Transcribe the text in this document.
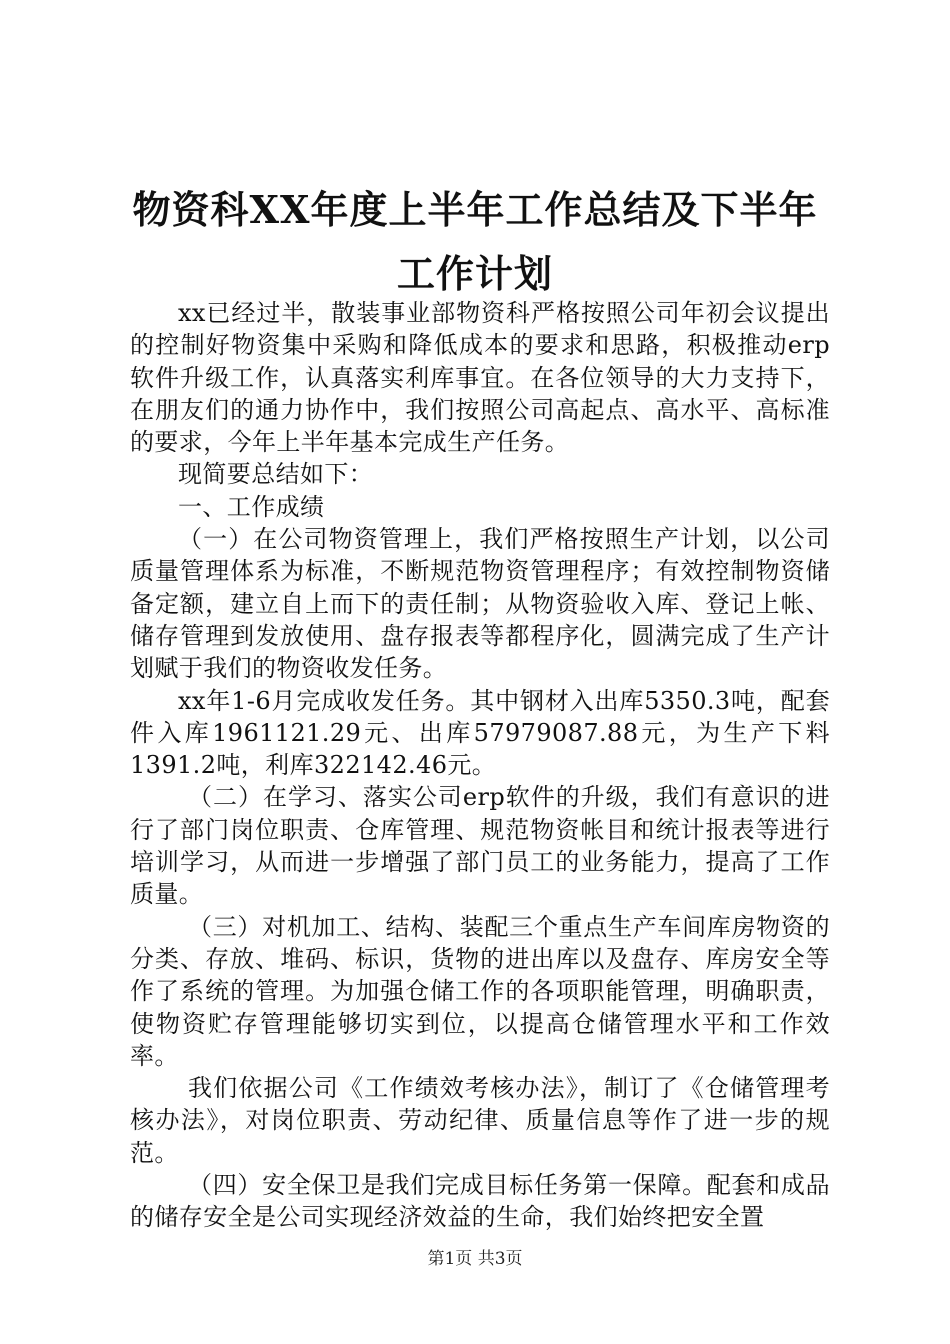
物资科XX年度上半年工作总结及下半年工作计划

xx已经过半，散装事业部物资科严格按照公司年初会议提出的控制好物资集中采购和降低成本的要求和思路，积极推动erp软件升级工作，认真落实利库事宜。在各位领导的大力支持下，在朋友们的通力协作中，我们按照公司高起点、高水平、高标准的要求，今年上半年基本完成生产任务。

现简要总结如下：

一、工作成绩

（一）在公司物资管理上，我们严格按照生产计划，以公司质量管理体系为标准，不断规范物资管理程序；有效控制物资储备定额，建立自上而下的责任制；从物资验收入库、登记上帐、储存管理到发放使用、盘存报表等都程序化，圆满完成了生产计划赋于我们的物资收发任务。

xx年1-6月完成收发任务。其中钢材入出库5350.3吨，配套件入库1961121.29元、出库57979087.88元，为生产下料1391.2吨，利库322142.46元。

（二）在学习、落实公司erp软件的升级，我们有意识的进行了部门岗位职责、仓库管理、规范物资帐目和统计报表等进行培训学习，从而进一步增强了部门员工的业务能力，提高了工作质量。

（三）对机加工、结构、装配三个重点生产车间库房物资的分类、存放、堆码、标识，货物的进出库以及盘存、库房安全等作了系统的管理。为加强仓储工作的各项职能管理，明确职责，使物资贮存管理能够切实到位，以提高仓储管理水平和工作效率。

我们依据公司《工作绩效考核办法》，制订了《仓储管理考核办法》，对岗位职责、劳动纪律、质量信息等作了进一步的规范。

（四）安全保卫是我们完成目标任务第一保障。配套和成品的储存安全是公司实现经济效益的生命，我们始终把安全置

第1页 共3页
